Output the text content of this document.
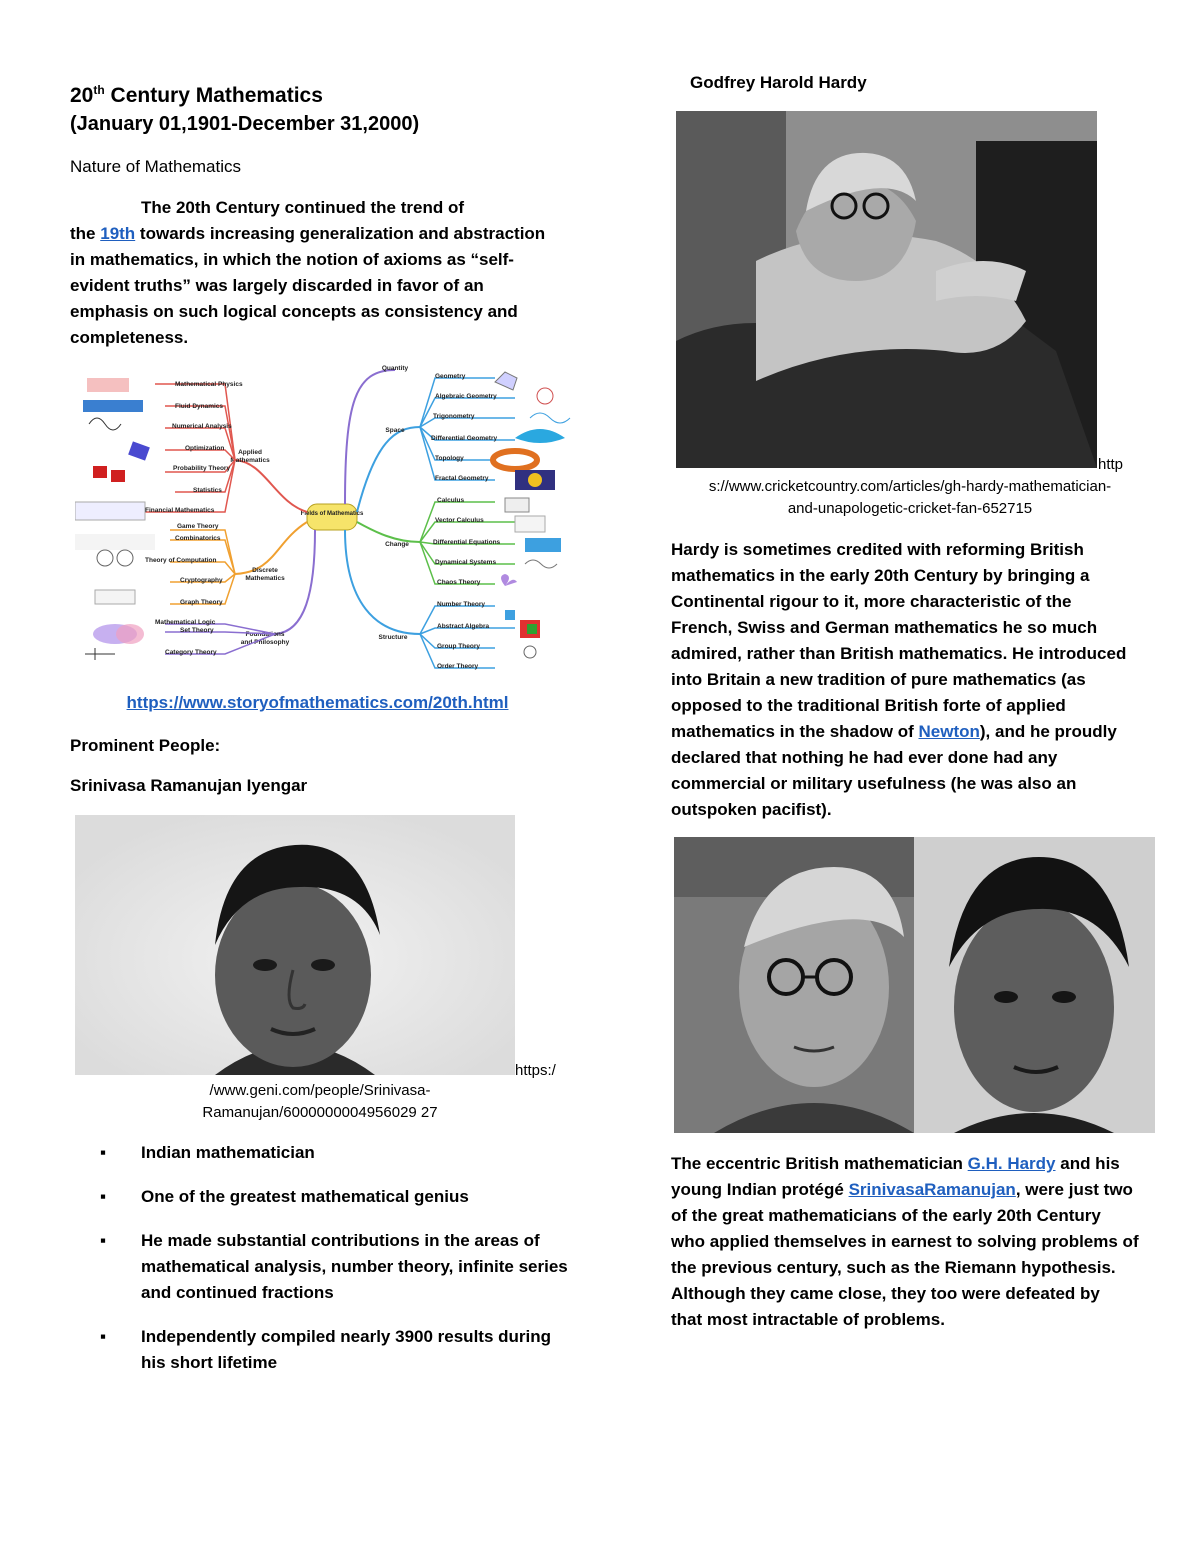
20th Century Mathematics
(January 01,1901-December 31,2000)
Nature of Mathematics
The 20th Century continued the trend of
the 19th towards increasing generalization and abstraction
in mathematics, in which the notion of axioms as “self-
evident truths” was largely discarded in favor of an
emphasis on such logical concepts as consistency and
completeness.
Fields of Mathematics
Applied
Mathematics
Discrete
Mathematics
Foundations
and Philosophy
Quantity
Space
Change
Structure
Mathematical Physics
Fluid Dynamics
Numerical Analysis
Optimization
Probability Theory
Statistics
Financial Mathematics
Game Theory
Combinatorics
Theory of Computation
Cryptography
Graph Theory
Mathematical Logic
Set Theory
Category Theory
Geometry
Algebraic Geometry
Trigonometry
Differential Geometry
Topology
Fractal Geometry
Calculus
Vector Calculus
Differential Equations
Dynamical Systems
Chaos Theory
Number Theory
Abstract Algebra
Group Theory
Order Theory
https://www.storyofmathematics.com/20th.html
Prominent People:
Srinivasa Ramanujan Iyengar
https:/
/www.geni.com/people/Srinivasa-
Ramanujan/6000000004956029 27
▪ Indian mathematician
▪ One of the greatest mathematical genius
▪ He made substantial contributions in the areas of mathematical analysis, number theory, infinite series and continued fractions
▪ Independently compiled nearly 3900 results during his short lifetime
Godfrey Harold Hardy
http
s://www.cricketcountry.com/articles/gh-hardy-mathematician-
and-unapologetic-cricket-fan-652715
Hardy is sometimes credited with reforming British
mathematics in the early 20th Century by bringing a
Continental rigour to it, more characteristic of the
French, Swiss and German mathematics he so much
admired, rather than British mathematics. He introduced
into Britain a new tradition of pure mathematics (as
opposed to the traditional British forte of applied
mathematics in the shadow of Newton), and he proudly
declared that nothing he had ever done had any
commercial or military usefulness (he was also an
outspoken pacifist).
The eccentric British mathematician G.H. Hardy and his
young Indian protégé SrinivasaRamanujan, were just two
of the great mathematicians of the early 20th Century
who applied themselves in earnest to solving problems of
the previous century, such as the Riemann hypothesis.
Although they came close, they too were defeated by
that most intractable of problems.
